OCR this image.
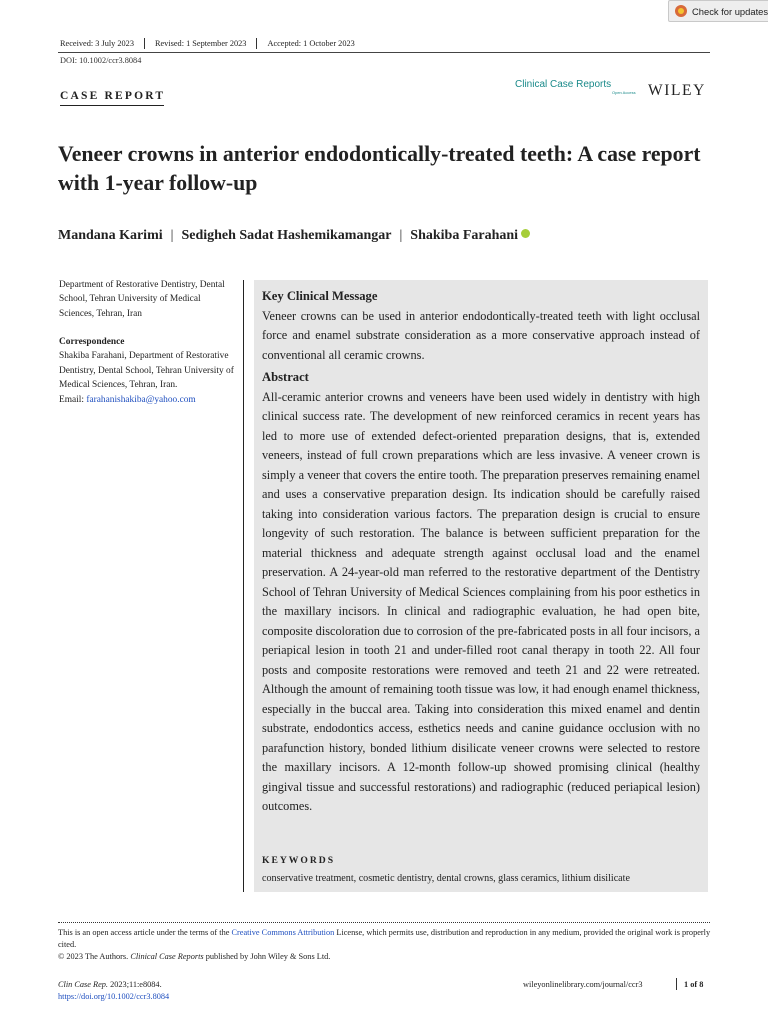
Check for updates
Received: 3 July 2023	Revised: 1 September 2023	Accepted: 1 October 2023
DOI: 10.1002/ccr3.8084
CASE REPORT
Clinical Case Reports
Open Access WILEY
Veneer crowns in anterior endodontically-treated teeth: A case report with 1-year follow-up
Mandana Karimi | Sedigheh Sadat Hashemikamangar | Shakiba Farahani
Department of Restorative Dentistry, Dental School, Tehran University of Medical Sciences, Tehran, Iran
Correspondence
Shakiba Farahani, Department of Restorative Dentistry, Dental School, Tehran University of Medical Sciences, Tehran, Iran.
Email: farahanishakiba@yahoo.com
Key Clinical Message
Veneer crowns can be used in anterior endodontically-treated teeth with light occlusal force and enamel substrate consideration as a more conservative approach instead of conventional all ceramic crowns.
Abstract
All-ceramic anterior crowns and veneers have been used widely in dentistry with high clinical success rate. The development of new reinforced ceramics in recent years has led to more use of extended defect-oriented preparation designs, that is, extended veneers, instead of full crown preparations which are less invasive. A veneer crown is simply a veneer that covers the entire tooth. The preparation preserves remaining enamel and uses a conservative preparation design. Its indication should be carefully raised taking into consideration various factors. The preparation design is crucial to ensure longevity of such restoration. The balance is between sufficient preparation for the material thickness and adequate strength against occlusal load and the enamel preservation. A 24-year-old man referred to the restorative department of the Dentistry School of Tehran University of Medical Sciences complaining from his poor esthetics in the maxillary incisors. In clinical and radiographic evaluation, he had open bite, composite discoloration due to corrosion of the pre-fabricated posts in all four incisors, a periapical lesion in tooth 21 and under-filled root canal therapy in tooth 22. All four posts and composite restorations were removed and teeth 21 and 22 were retreated. Although the amount of remaining tooth tissue was low, it had enough enamel thickness, especially in the buccal area. Taking into consideration this mixed enamel and dentin substrate, endodontics access, esthetics needs and canine guidance occlusion with no parafunction history, bonded lithium disilicate veneer crowns were selected to restore the maxillary incisors. A 12-month follow-up showed promising clinical (healthy gingival tissue and successful restorations) and radiographic (reduced periapical lesion) outcomes.
KEYWORDS
conservative treatment, cosmetic dentistry, dental crowns, glass ceramics, lithium disilicate
This is an open access article under the terms of the Creative Commons Attribution License, which permits use, distribution and reproduction in any medium, provided the original work is properly cited.
© 2023 The Authors. Clinical Case Reports published by John Wiley & Sons Ltd.
Clin Case Rep. 2023;11:e8084.
https://doi.org/10.1002/ccr3.8084
wileyonlinelibrary.com/journal/ccr3	1 of 8
